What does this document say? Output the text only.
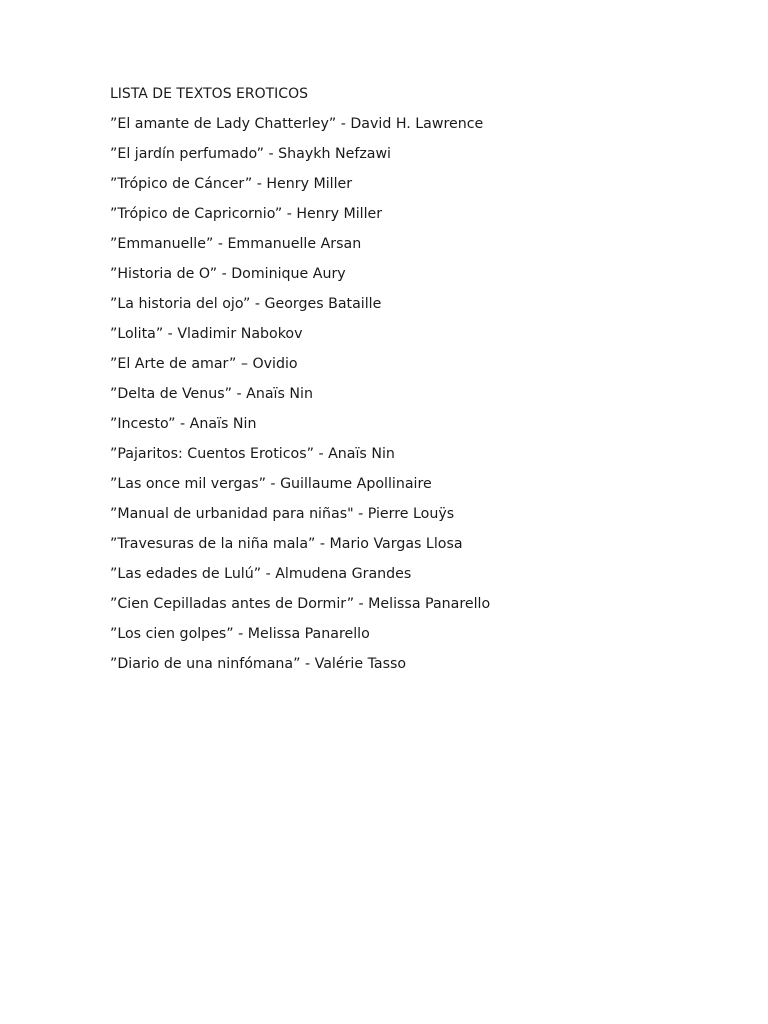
LISTA DE TEXTOS EROTICOS
”El amante de Lady Chatterley” - David H. Lawrence
”El jardín perfumado” - Shaykh Nefzawi
”Trópico de Cáncer” - Henry Miller
”Trópico de Capricornio” - Henry Miller
”Emmanuelle” - Emmanuelle Arsan
”Historia de O” - Dominique Aury
”La historia del ojo” - Georges Bataille
”Lolita” - Vladimir Nabokov
”El Arte de amar” – Ovidio
”Delta de Venus” - Anaïs Nin
”Incesto” - Anaïs Nin
”Pajaritos: Cuentos Eroticos” - Anaïs Nin
”Las once mil vergas” - Guillaume Apollinaire
”Manual de urbanidad para niñas" - Pierre Louÿs
”Travesuras de la niña mala” - Mario Vargas Llosa
”Las edades de Lulú” - Almudena Grandes
”Cien Cepilladas antes de Dormir” - Melissa Panarello
”Los cien golpes” - Melissa Panarello
”Diario de una ninfómana” - Valérie Tasso
